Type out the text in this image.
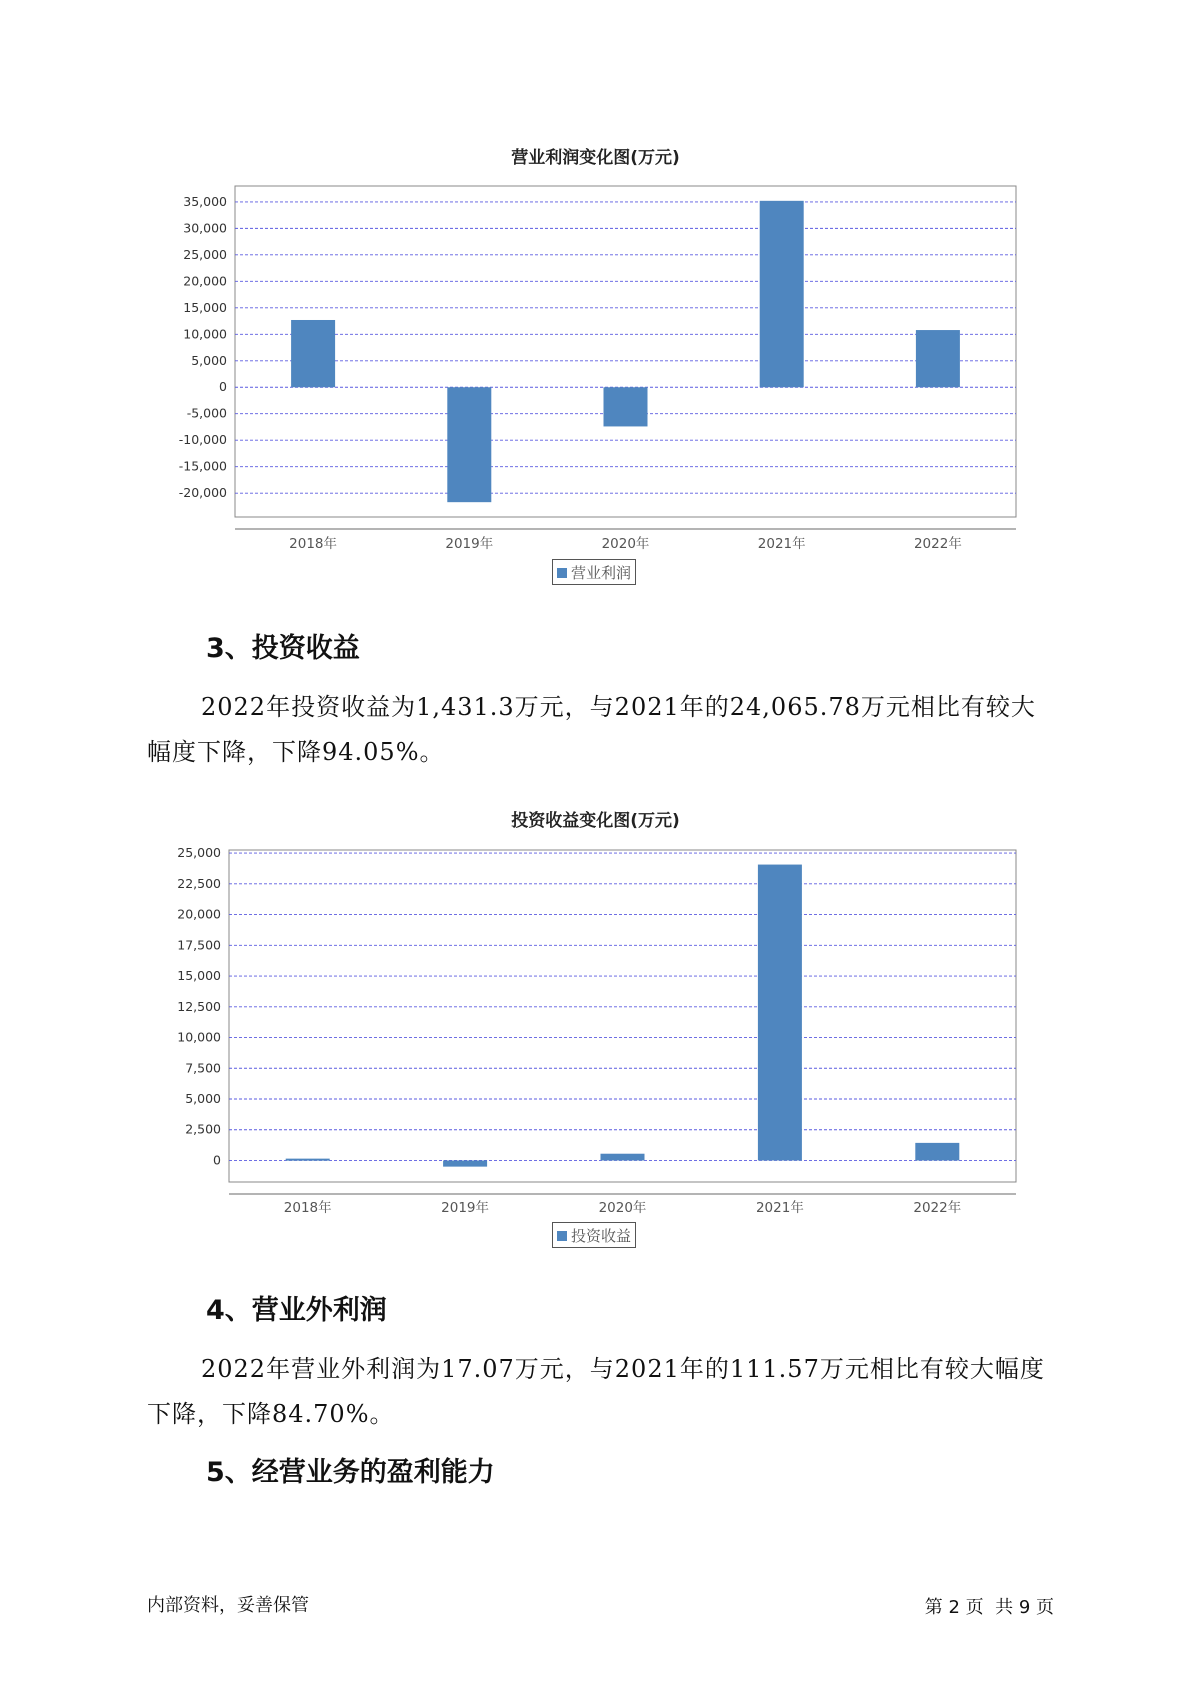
营业利润变化图(万元)
35,000
30,000
25,000
20,000
15,000
10,000
5,000
0
-5,000
-10,000
-15,000
-20,000
2018年	2019年	2020年	2021年	2022年
营业利润
3、投资收益
2022年投资收益为1,431.3万元，与2021年的24,065.78万元相比有较大幅度下降，下降94.05%。
投资收益变化图(万元)
25,000
22,500
20,000
17,500
15,000
12,500
10,000
7,500
5,000
2,500
0
2018年	2019年	2020年	2021年	2022年
投资收益
4、营业外利润
2022年营业外利润为17.07万元，与2021年的111.57万元相比有较大幅度下降，下降84.70%。
5、经营业务的盈利能力
内部资料，妥善保管	第 2 页  共 9 页
